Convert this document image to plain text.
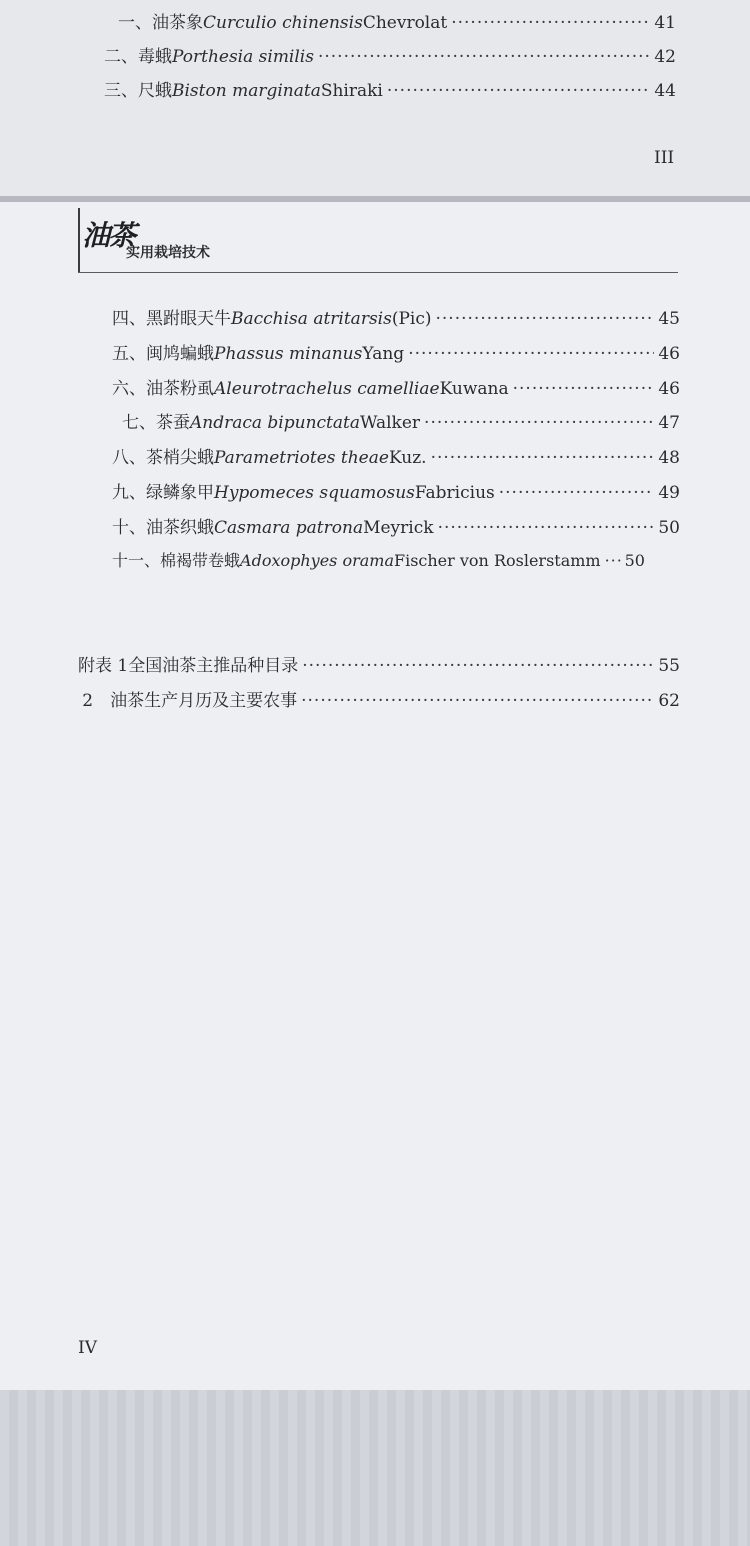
一、油茶象 Curculio chinensis Chevrolat ·····	41
二、毒蛾 Porthesia similis ·····	42
三、尺蛾 Biston marginata Shiraki ·····	44
III
油茶
实用栽培技术
四、黑跗眼天牛 Bacchisa atritarsis (Pic) ·····	45
五、闽鸠蝙蛾 Phassus minanus Yang ·····	46
六、油茶粉虱 Aleurotrachelus camelliae Kuwana ·····	46
七、茶蚕 Andraca bipunctata Walker ·····	47
八、茶梢尖蛾 Parametriotes theae Kuz. ·····	48
九、绿鳞象甲 Hypomeces squamosus Fabricius ·····	49
十、油茶织蛾 Casmara patrona Meyrick ·····	50
十一、棉褐带卷蛾 Adoxophyes orama Fischer von Roslerstamm ····· 50
附表 1 全国油茶主推品种目录 ·····	55
2 	油茶生产月历及主要农事 ·····	62
IV
